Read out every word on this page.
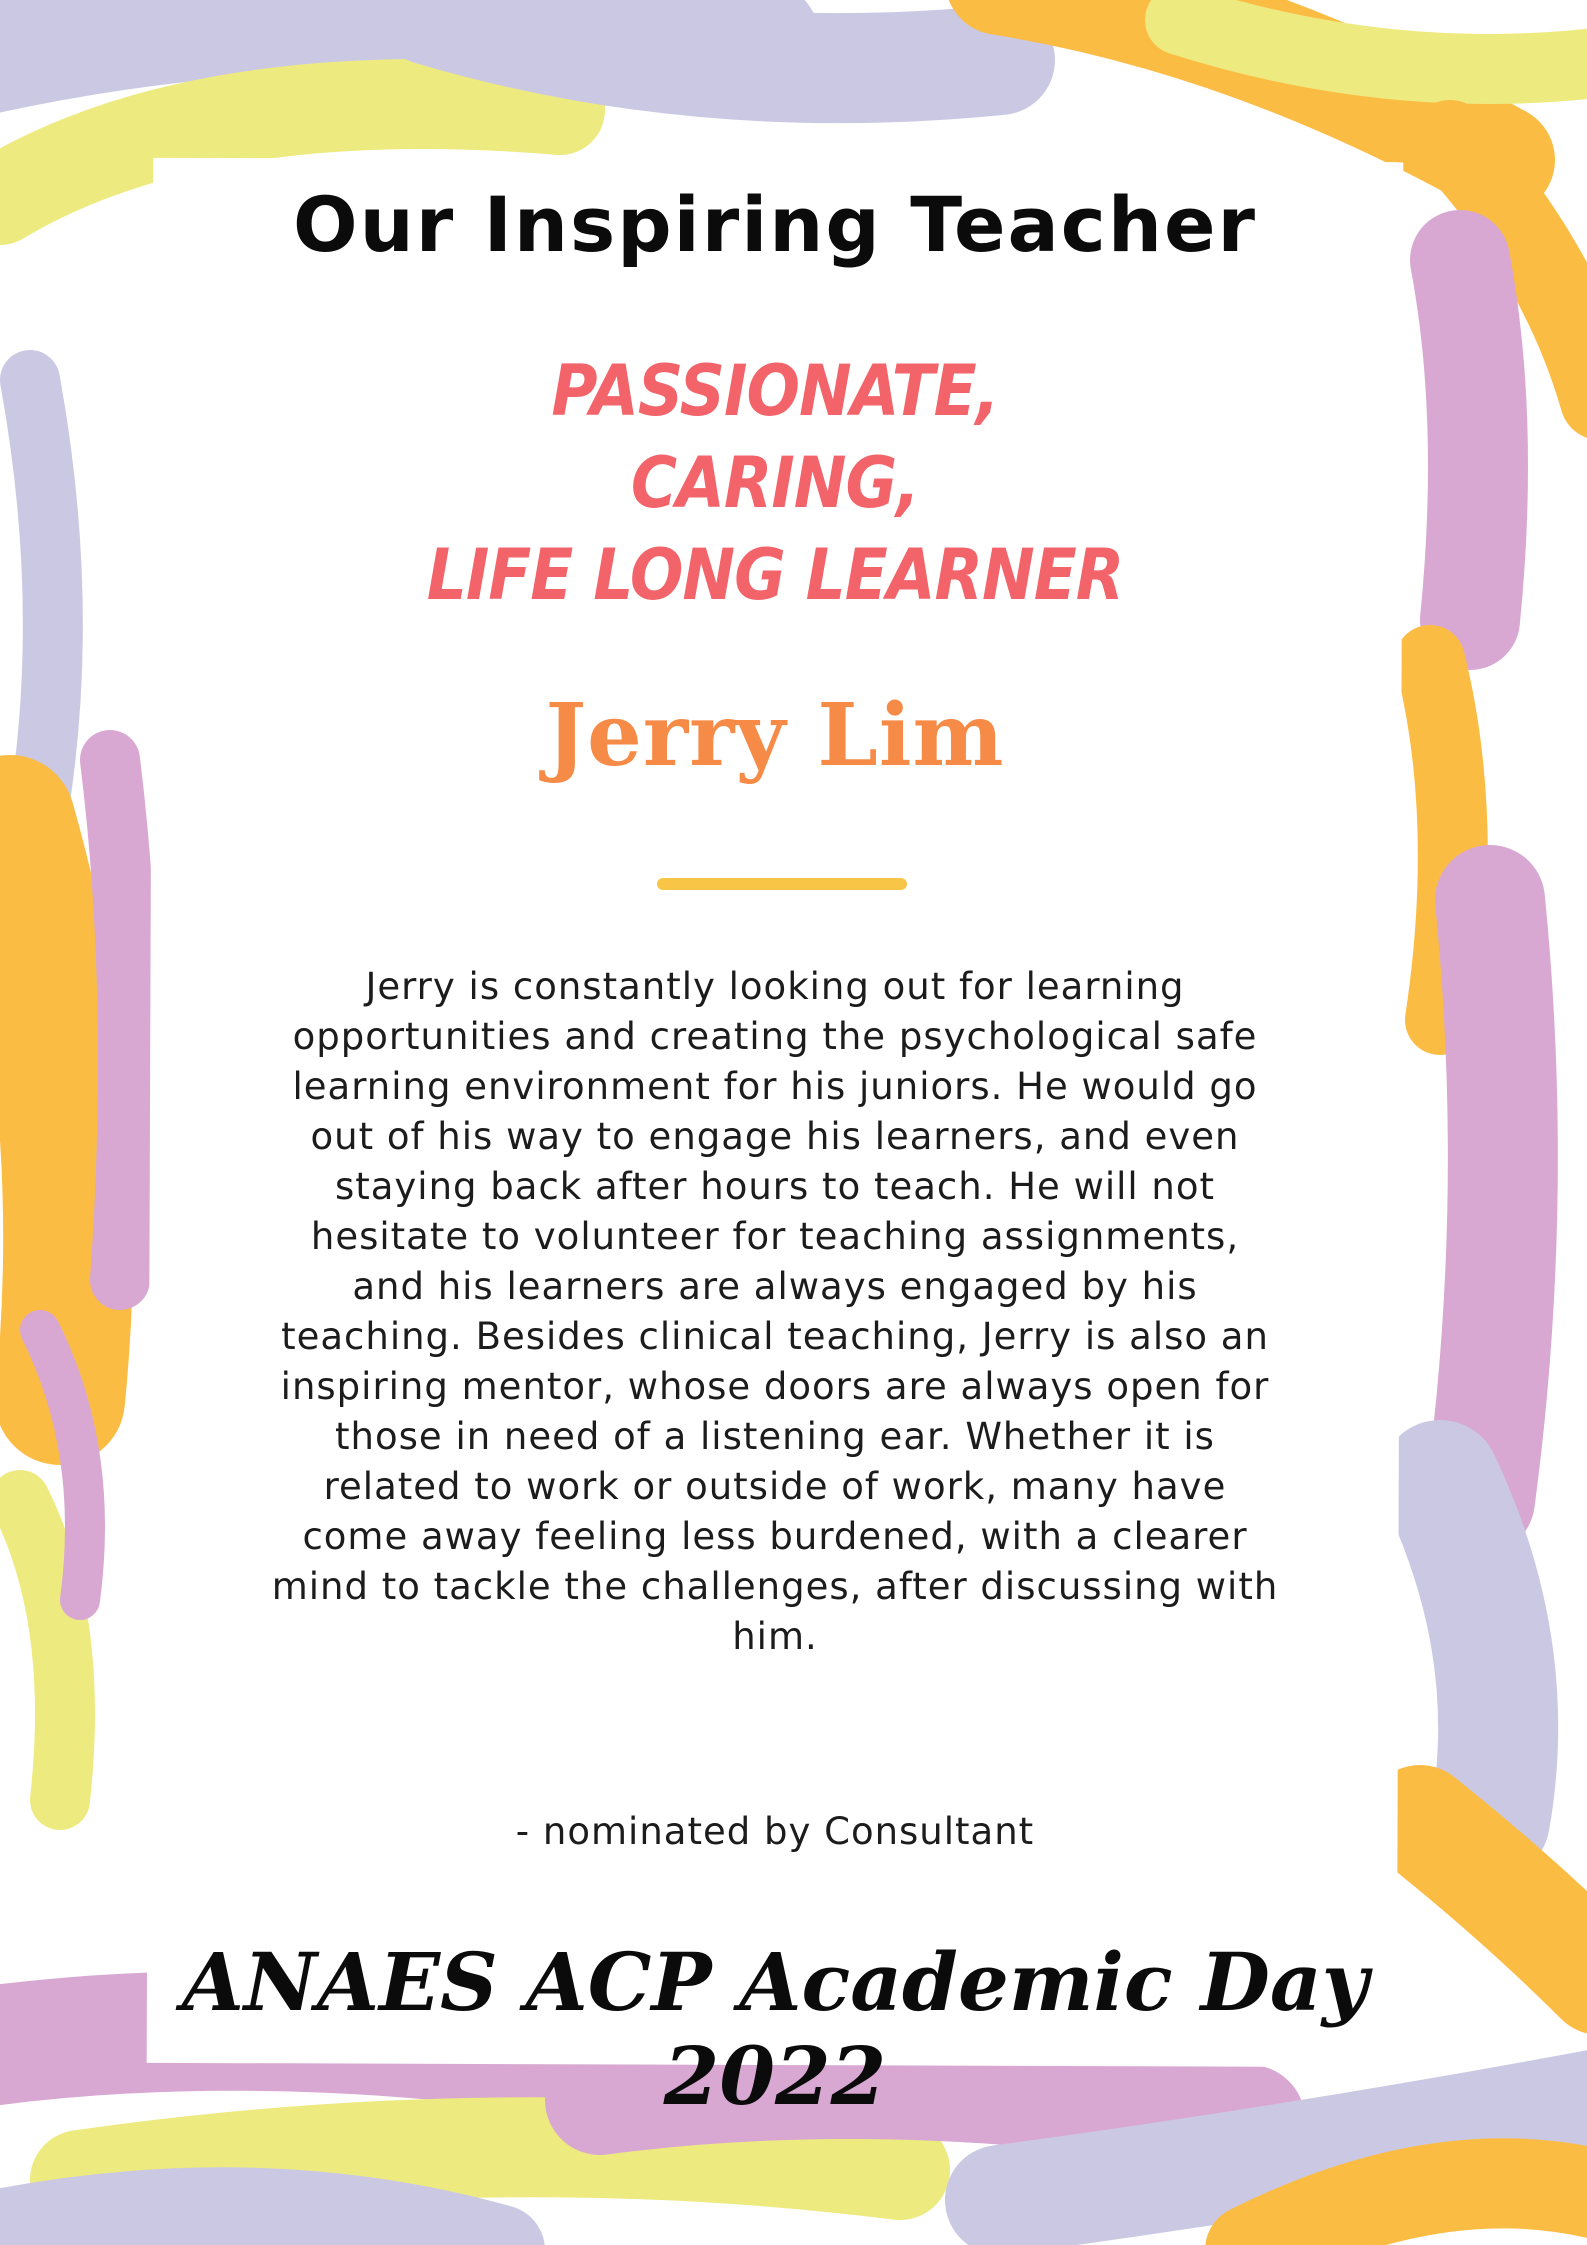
Our Inspiring Teacher
PASSIONATE,
CARING,
LIFE LONG LEARNER
Jerry Lim

Jerry is constantly looking out for learning opportunities and creating the psychological safe learning environment for his juniors. He would go out of his way to engage his learners, and even staying back after hours to teach. He will not hesitate to volunteer for teaching assignments, and his learners are always engaged by his teaching. Besides clinical teaching, Jerry is also an inspiring mentor, whose doors are always open for those in need of a listening ear. Whether it is related to work or outside of work, many have come away feeling less burdened, with a clearer mind to tackle the challenges, after discussing with him.

- nominated by Consultant

ANAES ACP Academic Day 2022
